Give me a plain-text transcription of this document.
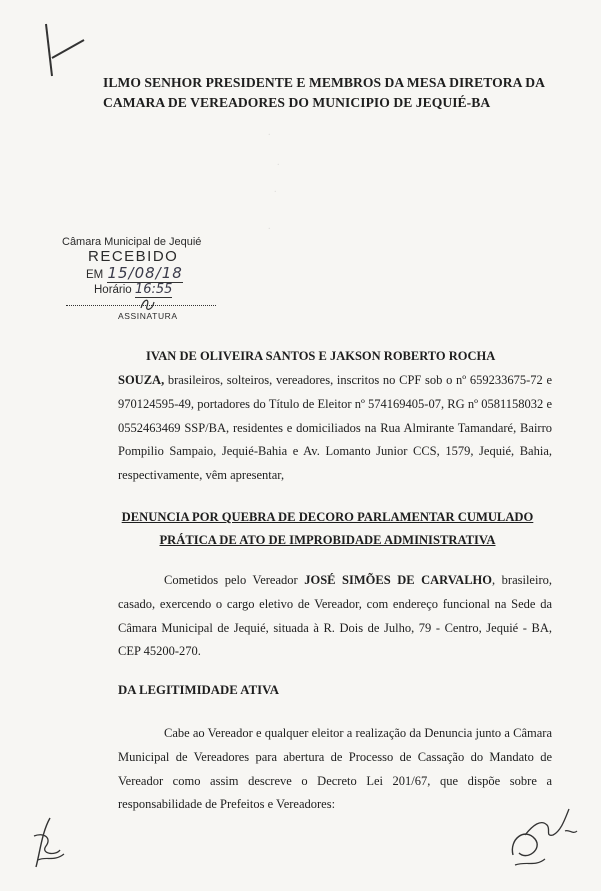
.
.
.
.
ILMO SENHOR PRESIDENTE E MEMBROS DA MESA DIRETORA DA
CAMARA DE VEREADORES DO MUNICIPIO DE JEQUIÉ-BA
Câmara Municipal de Jequié
RECEBIDO
EM 15/08/18
Horário 16:55
ASSINATURA
IVAN DE OLIVEIRA SANTOS E JAKSON ROBERTO ROCHA
SOUZA, brasileiros, solteiros, vereadores, inscritos no CPF sob o nº 659233675-72 e 970124595-49, portadores do Título de Eleitor nº 574169405-07, RG nº 0581158032 e 0552463469 SSP/BA, residentes e domiciliados na Rua Almirante Tamandaré, Bairro Pompilio Sampaio, Jequié-Bahia e Av. Lomanto Junior CCS, 1579, Jequié, Bahia, respectivamente, vêm apresentar,
DENUNCIA POR QUEBRA DE DECORO PARLAMENTAR CUMULADO
PRÁTICA DE ATO DE IMPROBIDADE ADMINISTRATIVA
Cometidos pelo Vereador JOSÉ SIMÕES DE CARVALHO, brasileiro, casado, exercendo o cargo eletivo de Vereador, com endereço funcional na Sede da Câmara Municipal de Jequié, situada à R. Dois de Julho, 79 - Centro, Jequié - BA, CEP 45200-270.
DA LEGITIMIDADE ATIVA
Cabe ao Vereador e qualquer eleitor a realização da Denuncia junto a Câmara Municipal de Vereadores para abertura de Processo de Cassação do Mandato de Vereador como assim descreve o Decreto Lei 201/67, que dispõe sobre a responsabilidade de Prefeitos e Vereadores:
